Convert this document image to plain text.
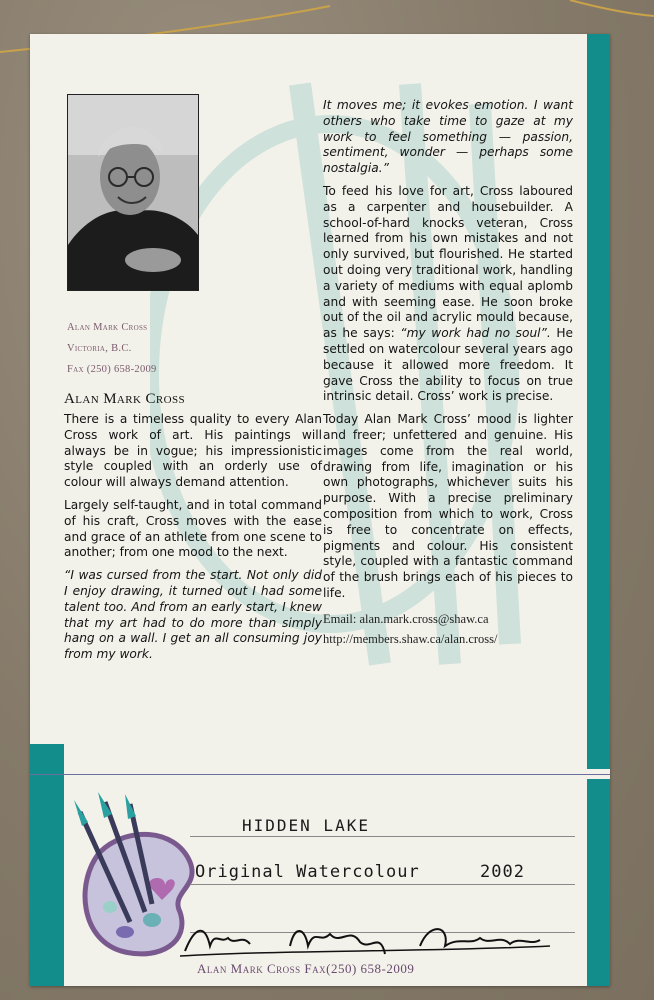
Alan Mark Cross
Victoria, B.C.
Fax (250) 658-2009
Alan Mark Cross

There is a timeless quality to every Alan Cross work of art. His paintings will always be in vogue; his impressionistic style coupled with an orderly use of colour will always demand attention.

Largely self-taught, and in total command of his craft, Cross moves with the ease and grace of an athlete from one scene to another; from one mood to the next.

“I was cursed from the start. Not only did I enjoy drawing, it turned out I had some talent too. And from an early start, I knew that my art had to do more than simply hang on a wall. I get an all consuming joy from my work.

It moves me; it evokes emotion. I want others who take time to gaze at my work to feel something — passion, sentiment, wonder — perhaps some nostalgia.”

To feed his love for art, Cross laboured as a carpenter and housebuilder. A school-of-hard knocks veteran, Cross learned from his own mistakes and not only survived, but flourished. He started out doing very traditional work, handling a variety of mediums with equal aplomb and with seeming ease. He soon broke out of the oil and acrylic mould because, as he says: “my work had no soul”. He settled on watercolour several years ago because it allowed more freedom. It gave Cross the ability to focus on true intrinsic detail. Cross’ work is precise.

Today Alan Mark Cross’ mood is lighter and freer; unfettered and genuine. His images come from the real world, drawing from life, imagination or his own photographs, whichever suits his purpose. With a precise preliminary composition from which to work, Cross is free to concentrate on effects, pigments and colour. His consistent style, coupled with a fantastic command of the brush brings each of his pieces to life.

Email: alan.mark.cross@shaw.ca
http://members.shaw.ca/alan.cross/
HIDDEN LAKE
Original Watercolour	2002
Alan Mark Cross Fax(250) 658-2009
